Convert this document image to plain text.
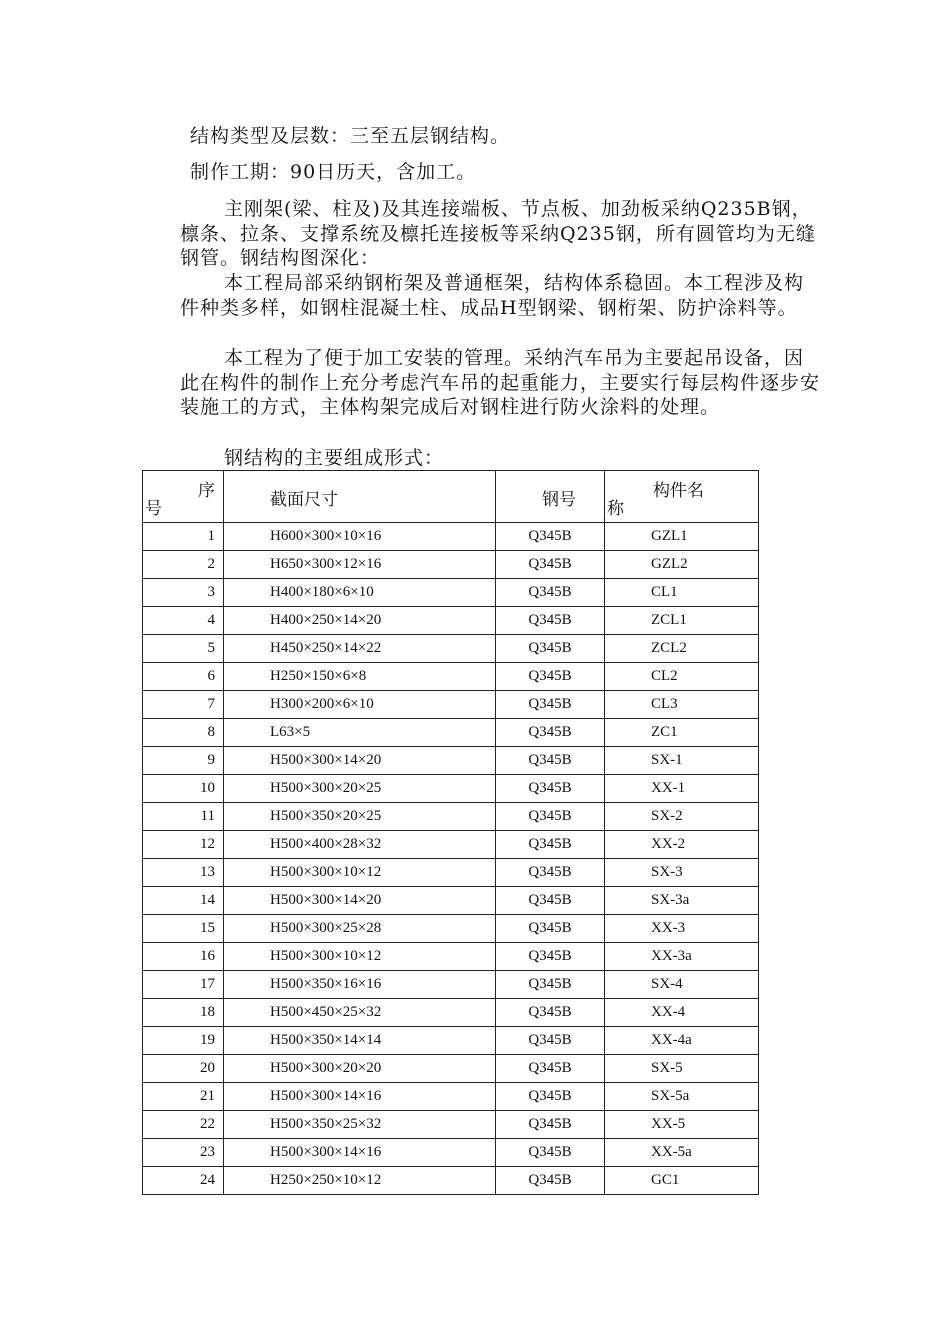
结构类型及层数：三至五层钢结构。
制作工期：90日历天，含加工。
主刚架(梁、柱及)及其连接端板、节点板、加劲板采纳Q235B钢，　檩条、拉条、支撑系统及檩托连接板等采纳Q235钢，所有圆管均为无缝钢管。钢结构图深化：
本工程局部采纳钢桁架及普通框架，结构体系稳固。本工程涉及构件种类多样，如钢柱混凝土柱、成品H型钢梁、钢桁架、防护涂料等。
本工程为了便于加工安装的管理。采纳汽车吊为主要起吊设备，因此在构件的制作上充分考虑汽车吊的起重能力，主要实行每层构件逐步安装施工的方式，主体构架完成后对钢柱进行防火涂料的处理。
钢结构的主要组成形式：
序
号	截面尺寸	钢号	构件名
称

1	H600×300×10×16	Q345B	GZL1
2	H650×300×12×16	Q345B	GZL2
3	H400×180×6×10	Q345B	CL1
4	H400×250×14×20	Q345B	ZCL1
5	H450×250×14×22	Q345B	ZCL2
6	H250×150×6×8	Q345B	CL2
7	H300×200×6×10	Q345B	CL3
8	L63×5	Q345B	ZC1
9	H500×300×14×20	Q345B	SX-1
10	H500×300×20×25	Q345B	XX-1
11	H500×350×20×25	Q345B	SX-2
12	H500×400×28×32	Q345B	XX-2
13	H500×300×10×12	Q345B	SX-3
14	H500×300×14×20	Q345B	SX-3a
15	H500×300×25×28	Q345B	XX-3
16	H500×300×10×12	Q345B	XX-3a
17	H500×350×16×16	Q345B	SX-4
18	H500×450×25×32	Q345B	XX-4
19	H500×350×14×14	Q345B	XX-4a
20	H500×300×20×20	Q345B	SX-5
21	H500×300×14×16	Q345B	SX-5a
22	H500×350×25×32	Q345B	XX-5
23	H500×300×14×16	Q345B	XX-5a
24	H250×250×10×12	Q345B	GC1
